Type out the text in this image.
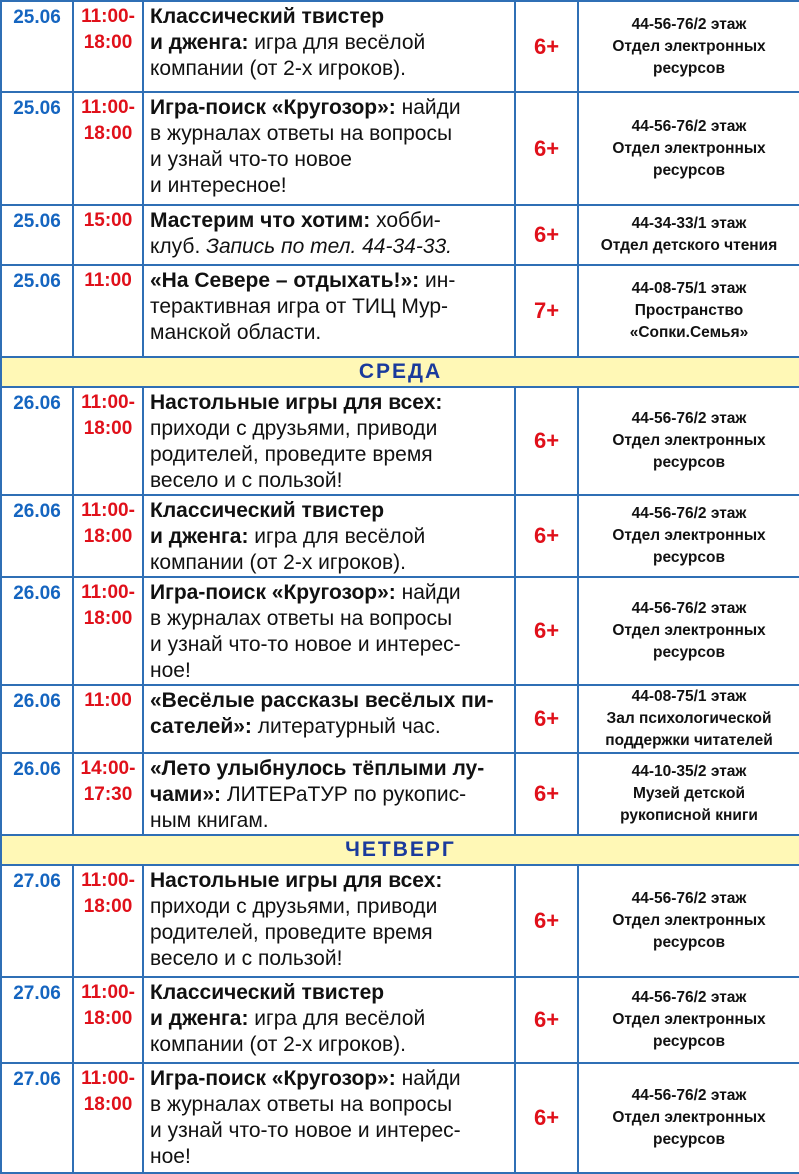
25.06	11:00-
18:00	Классический твистер
и дженга: игра для весёлой
компании (от 2-х игроков).	6+	44-56-76/2 этаж
Отдел электронных
ресурсов

25.06	11:00-
18:00	Игра-поиск «Кругозор»: найди
в журналах ответы на вопросы
и узнай что-то новое
и интересное!	6+	44-56-76/2 этаж
Отдел электронных
ресурсов

25.06	15:00	Мастерим что хотим: хобби-
клуб. Запись по тел. 44-34-33.	6+	44-34-33/1 этаж
Отдел детского чтения

25.06	11:00	«На Севере – отдыхать!»: ин-
терактивная игра от ТИЦ Мур-
манской области.	7+	44-08-75/1 этаж
Пространство
«Сопки.Семья»

СРЕДА				
26.06	11:00-
18:00	Настольные игры для всех:
приходи с друзьями, приводи
родителей, проведите время
весело и с пользой!	6+	44-56-76/2 этаж
Отдел электронных
ресурсов

26.06	11:00-
18:00	Классический твистер
и дженга: игра для весёлой
компании (от 2-х игроков).	6+	44-56-76/2 этаж
Отдел электронных
ресурсов

26.06	11:00-
18:00	Игра-поиск «Кругозор»: найди
в журналах ответы на вопросы
и узнай что-то новое и интерес-
ное!	6+	44-56-76/2 этаж
Отдел электронных
ресурсов

26.06	11:00	«Весёлые рассказы весёлых пи-
сателей»: литературный час.	6+	44-08-75/1 этаж
Зал психологической
поддержки читателей

26.06	14:00-
17:30	«Лето улыбнулось тёплыми лу-
чами»: ЛИТЕРаТУР по рукопис-
ным книгам.	6+	44-10-35/2 этаж
Музей детской
рукописной книги

ЧЕТВЕРГ				
27.06	11:00-
18:00	Настольные игры для всех:
приходи с друзьями, приводи
родителей, проведите время
весело и с пользой!	6+	44-56-76/2 этаж
Отдел электронных
ресурсов

27.06	11:00-
18:00	Классический твистер
и дженга: игра для весёлой
компании (от 2-х игроков).	6+	44-56-76/2 этаж
Отдел электронных
ресурсов

27.06	11:00-
18:00	Игра-поиск «Кругозор»: найди
в журналах ответы на вопросы
и узнай что-то новое и интерес-
ное!	6+	44-56-76/2 этаж
Отдел электронных
ресурсов
